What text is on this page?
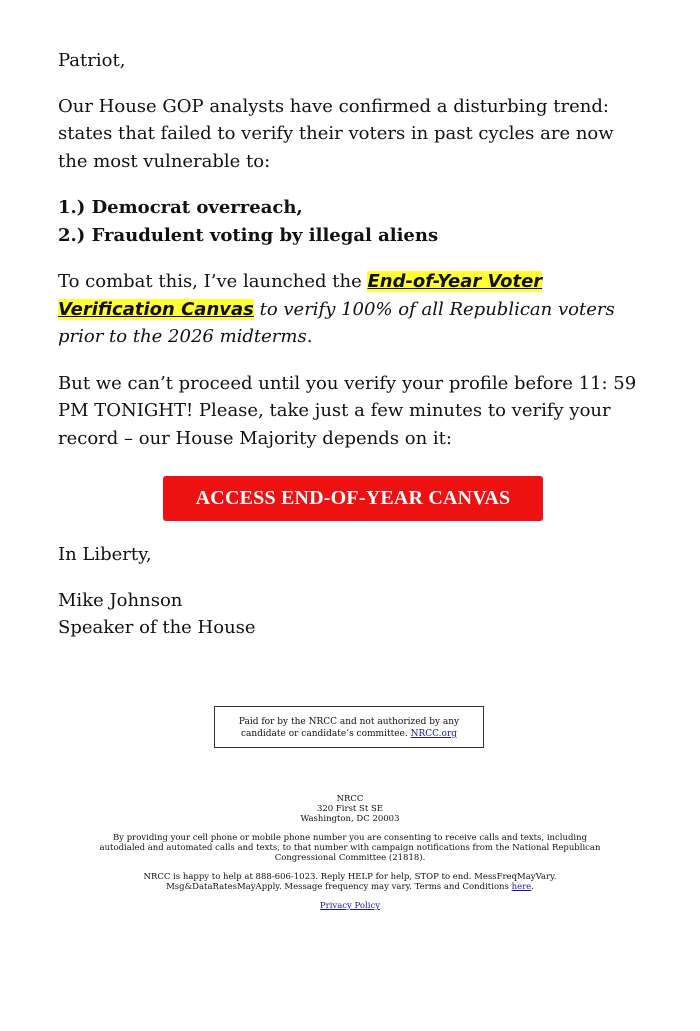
Patriot,

Our House GOP analysts have confirmed a disturbing trend: states that failed to verify their voters in past cycles are now the most vulnerable to:

1.) Democrat overreach,
2.) Fraudulent voting by illegal aliens

To combat this, I’ve launched the End-of-Year Voter Verification Canvas to verify 100% of all Republican voters prior to the 2026 midterms.

But we can’t proceed until you verify your profile before 11: 59 PM TONIGHT! Please, take just a few minutes to verify your record – our House Majority depends on it:

ACCESS END-OF-YEAR CANVAS

In Liberty,

Mike Johnson

Speaker of the House

Paid for by the NRCC and not authorized by any candidate or candidate’s committee. NRCC.org
NRCC
320 First St SE
Washington, DC 20003
By providing your cell phone or mobile phone number you are consenting to receive calls and texts, including autodialed and automated calls and texts, to that number with campaign notifications from the National Republican Congressional Committee (21818).
NRCC is happy to help at 888-606-1023. Reply HELP for help, STOP to end. MessFreqMayVary. Msg&DataRatesMayApply. Message frequency may vary. Terms and Conditions here.
Privacy Policy
